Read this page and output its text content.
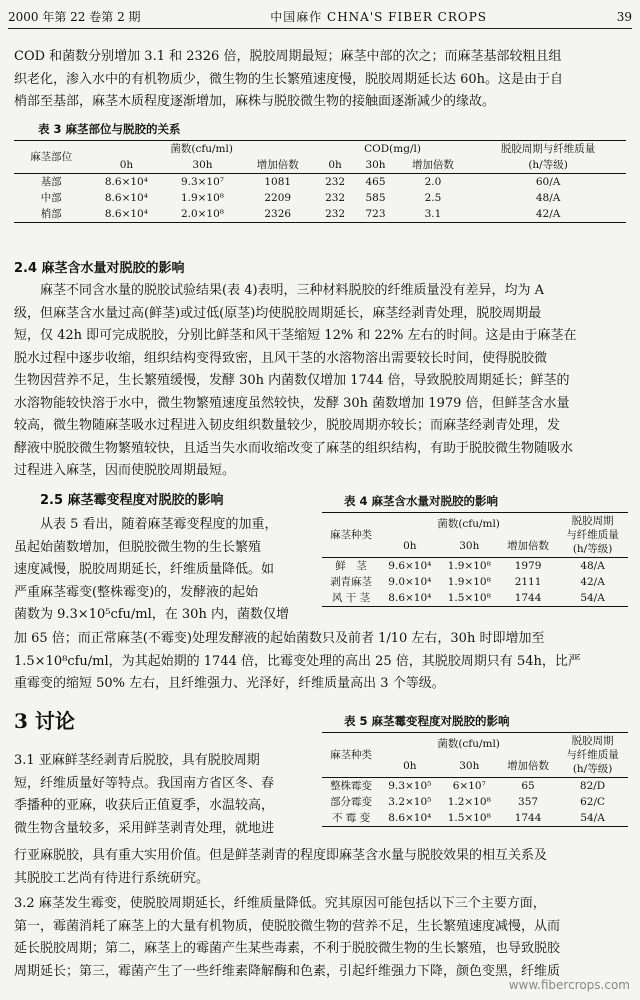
2000 年第 22 卷第 2 期	中国麻作 CHNA'S FIBER CROPS	39
COD 和菌数分别增加 3.1 和 2326 倍，脱胶周期最短；麻茎中部的次之；而麻茎基部较粗且组
织老化，渗入水中的有机物质少，微生物的生长繁殖速度慢，脱胶周期延长达 60h。这是由于自
梢部至基部，麻茎木质程度逐渐增加，麻株与脱胶微生物的接触面逐渐减少的缘故。
表 3 麻茎部位与脱胶的关系
麻茎部位	菌数(cfu/ml)			COD(mg/l)			脱胶周期与纤维质量
	0h	30h	增加倍数	0h	30h	增加倍数	(h/等级)
基部	8.6×10⁴	9.3×10⁷	1081	232	465	2.0	60/A
中部	8.6×10⁴	1.9×10⁸	2209	232	585	2.5	48/A
梢部	8.6×10⁴	2.0×10⁸	2326	232	723	3.1	42/A
2.4 麻茎含水量对脱胶的影响
麻茎不同含水量的脱胶试验结果(表 4)表明，三种材料脱胶的纤维质量没有差异，均为 A
级，但麻茎含水量过高(鲜茎)或过低(原茎)均使脱胶周期延长，麻茎经剥青处理，脱胶周期最
短，仅 42h 即可完成脱胶，分别比鲜茎和风干茎缩短 12% 和 22% 左右的时间。这是由于麻茎在
脱水过程中逐步收缩，组织结构变得致密，且风干茎的水溶物溶出需要较长时间，使得脱胶微
生物因营养不足，生长繁殖缓慢，发酵 30h 内菌数仅增加 1744 倍，导致脱胶周期延长；鲜茎的
水溶物能较快溶于水中，微生物繁殖速度虽然较快，发酵 30h 菌数增加 1979 倍，但鲜茎含水量
较高，微生物随麻茎吸水过程进入韧皮组织数量较少，脱胶周期亦较长；而麻茎经剥青处理，发
酵液中脱胶微生物繁殖较快，且适当失水而收缩改变了麻茎的组织结构，有助于脱胶微生物随吸水
过程进入麻茎，因而使脱胶周期最短。
2.5 麻茎霉变程度对脱胶的影响
从表 5 看出，随着麻茎霉变程度的加重，
虽起始菌数增加，但脱胶微生物的生长繁殖
速度减慢，脱胶周期延长，纤维质量降低。如
严重麻茎霉变(整株霉变)的，发酵液的起始
菌数为 9.3×10⁵cfu/ml，在 30h 内，菌数仅增
表 4 麻茎含水量对脱胶的影响
麻茎种类	菌数(cfu/ml)			脱胶周期
与纤维质量
(h/等级)

	0h	30h	增加倍数	
鲜　茎	9.6×10⁴	1.9×10⁸	1979	48/A
剥青麻茎	9.0×10⁴	1.9×10⁸	2111	42/A
风 干 茎	8.6×10⁴	1.5×10⁸	1744	54/A
加 65 倍；而正常麻茎(不霉变)处理发酵液的起始菌数只及前者 1/10 左右，30h 时即增加至
1.5×10⁸cfu/ml，为其起始期的 1744 倍，比霉变处理的高出 25 倍，其脱胶周期只有 54h，比严
重霉变的缩短 50% 左右，且纤维强力、光泽好，纤维质量高出 3 个等级。
3 讨论
3.1 亚麻鲜茎经剥青后脱胶，具有脱胶周期
短，纤维质量好等特点。我国南方省区冬、春
季播种的亚麻，收获后正值夏季，水温较高，
微生物含量较多，采用鲜茎剥青处理，就地进
表 5 麻茎霉变程度对脱胶的影响
麻茎种类	菌数(cfu/ml)			脱胶周期
与纤维质量
(h/等级)

	0h	30h	增加倍数	
整株霉变	9.3×10⁵	6×10⁷	65	82/D
部分霉变	3.2×10⁵	1.2×10⁸	357	62/C
不 霉 变	8.6×10⁴	1.5×10⁸	1744	54/A
行亚麻脱胶，具有重大实用价值。但是鲜茎剥青的程度即麻茎含水量与脱胶效果的相互关系及
其脱胶工艺尚有待进行系统研究。
3.2 麻茎发生霉变，使脱胶周期延长，纤维质量降低。究其原因可能包括以下三个主要方面，
第一，霉菌消耗了麻茎上的大量有机物质，使脱胶微生物的营养不足，生长繁殖速度减慢，从而
延长脱胶周期；第二，麻茎上的霉菌产生某些毒素，不利于脱胶微生物的生长繁殖，也导致脱胶
周期延长；第三，霉菌产生了一些纤维素降解酶和色素，引起纤维强力下降，颜色变黑，纤维质
www.fibercrops.com
